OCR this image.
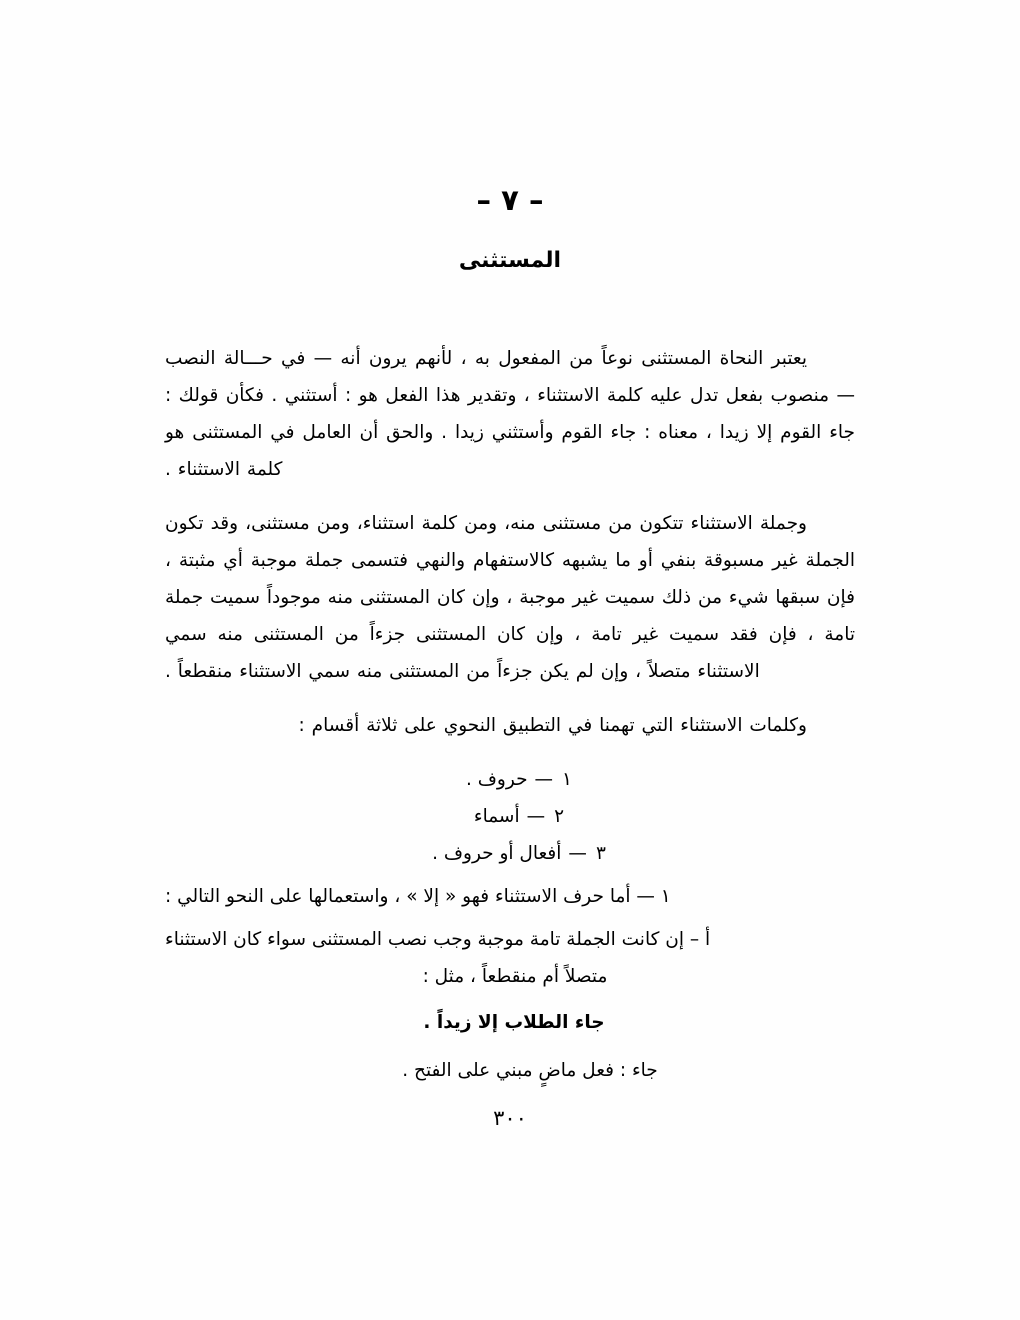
– ٧ –
المستثنى

يعتبر النحاة المستثنى نوعاً من المفعول به ، لأنهم يرون أنه — في حـــالة النصب — منصوب بفعل تدل عليه كلمة الاستثناء ، وتقدير هذا الفعل هو : أستثني . فكأن قولك : جاء القوم إلا زيدا ، معناه : جاء القوم وأستثني زيدا . والحق أن العامل في المستثنى هو كلمة الاستثناء .

وجملة الاستثناء تتكون من مستثنى منه، ومن كلمة استثناء، ومن مستثنى، وقد تكون الجملة غير مسبوقة بنفي أو ما يشبهه كالاستفهام والنهي فتسمى جملة موجبة أي مثبتة ، فإن سبقها شيء من ذلك سميت غير موجبة ، وإن كان المستثنى منه موجوداً سميت جملة تامة ، فإن فقد سميت غير تامة ، وإن كان المستثنى جزءاً من المستثنى منه سمي الاستثناء متصلاً ، وإن لم يكن جزءاً من المستثنى منه سمي الاستثناء منقطعاً .

وكلمات الاستثناء التي تهمنا في التطبيق النحوي على ثلاثة أقسام :

١—حروف .
٢—أسماء
٣—أفعال أو حروف .

١ — أما حرف الاستثناء فهو « إلا » ، واستعمالها على النحو التالي :

أ – إن كانت الجملة تامة موجبة وجب نصب المستثنى سواء كان الاستثناء

متصلاً أم منقطعاً ، مثل :

جاء الطلاب إلا زيداً .

جاء : فعل ماضٍ مبني على الفتح .

٣٠٠
